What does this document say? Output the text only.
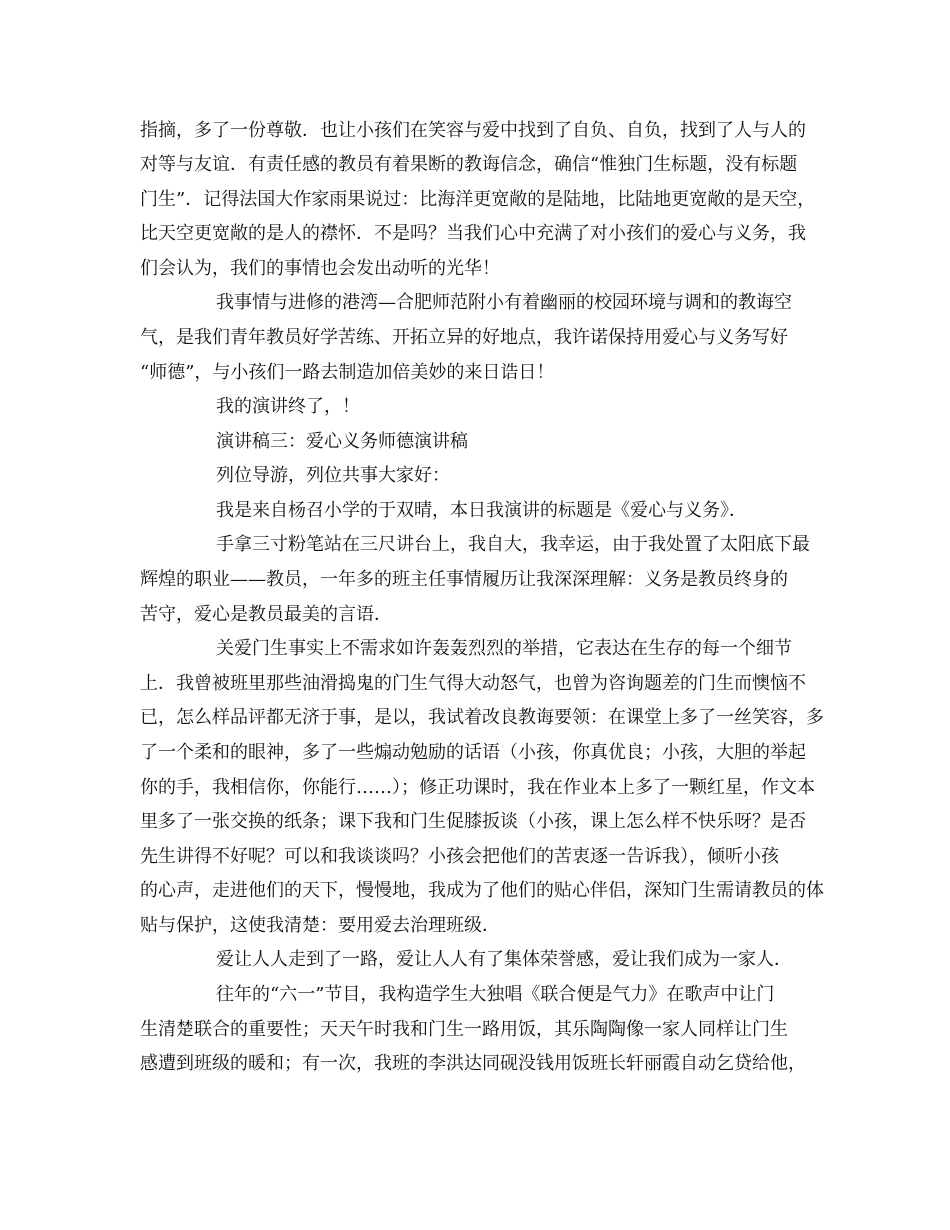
指摘，多了一份尊敬．也让小孩们在笑容与爱中找到了自负、自负，找到了人与人的
对等与友谊．有责任感的教员有着果断的教诲信念，确信“惟独门生标题，没有标题
门生”．记得法国大作家雨果说过：比海洋更宽敞的是陆地，比陆地更宽敞的是天空，
比天空更宽敞的是人的襟怀．不是吗？当我们心中充满了对小孩们的爱心与义务，我
们会认为，我们的事情也会发出动听的光华！
我事情与进修的港湾—合肥师范附小有着幽丽的校园环境与调和的教诲空
气，是我们青年教员好学苦练、开拓立异的好地点，我许诺保持用爱心与义务写好
“师德”，与小孩们一路去制造加倍美妙的来日诰日！
我的演讲终了，！
演讲稿三：爱心义务师德演讲稿
列位导游，列位共事大家好：
我是来自杨召小学的于双晴，本日我演讲的标题是《爱心与义务》．
手拿三寸粉笔站在三尺讲台上，我自大，我幸运，由于我处置了太阳底下最
辉煌的职业——教员，一年多的班主任事情履历让我深深理解：义务是教员终身的
苦守，爱心是教员最美的言语．
关爱门生事实上不需求如许轰轰烈烈的举措，它表达在生存的每一个细节
上．我曾被班里那些油滑捣鬼的门生气得大动怒气，也曾为咨询题差的门生而懊恼不
已，怎么样品评都无济于事，是以，我试着改良教诲要领：在课堂上多了一丝笑容，多
了一个柔和的眼神，多了一些煽动勉励的话语（小孩，你真优良；小孩，大胆的举起
你的手，我相信你，你能行……）；修正功课时，我在作业本上多了一颗红星，作文本
里多了一张交换的纸条；课下我和门生促膝扳谈（小孩，课上怎么样不快乐呀？是否
先生讲得不好呢？可以和我谈谈吗？小孩会把他们的苦衷逐一告诉我），倾听小孩
的心声，走进他们的天下，慢慢地，我成为了他们的贴心伴侣，深知门生需请教员的体
贴与保护，这使我清楚：要用爱去治理班级．
爱让人人走到了一路，爱让人人有了集体荣誉感，爱让我们成为一家人．
往年的“六一”节目，我构造学生大独唱《联合便是气力》在歌声中让门
生清楚联合的重要性；天天午时我和门生一路用饭，其乐陶陶像一家人同样让门生
感遭到班级的暖和；有一次，我班的李洪达同砚没钱用饭班长轩丽霞自动乞贷给他，
